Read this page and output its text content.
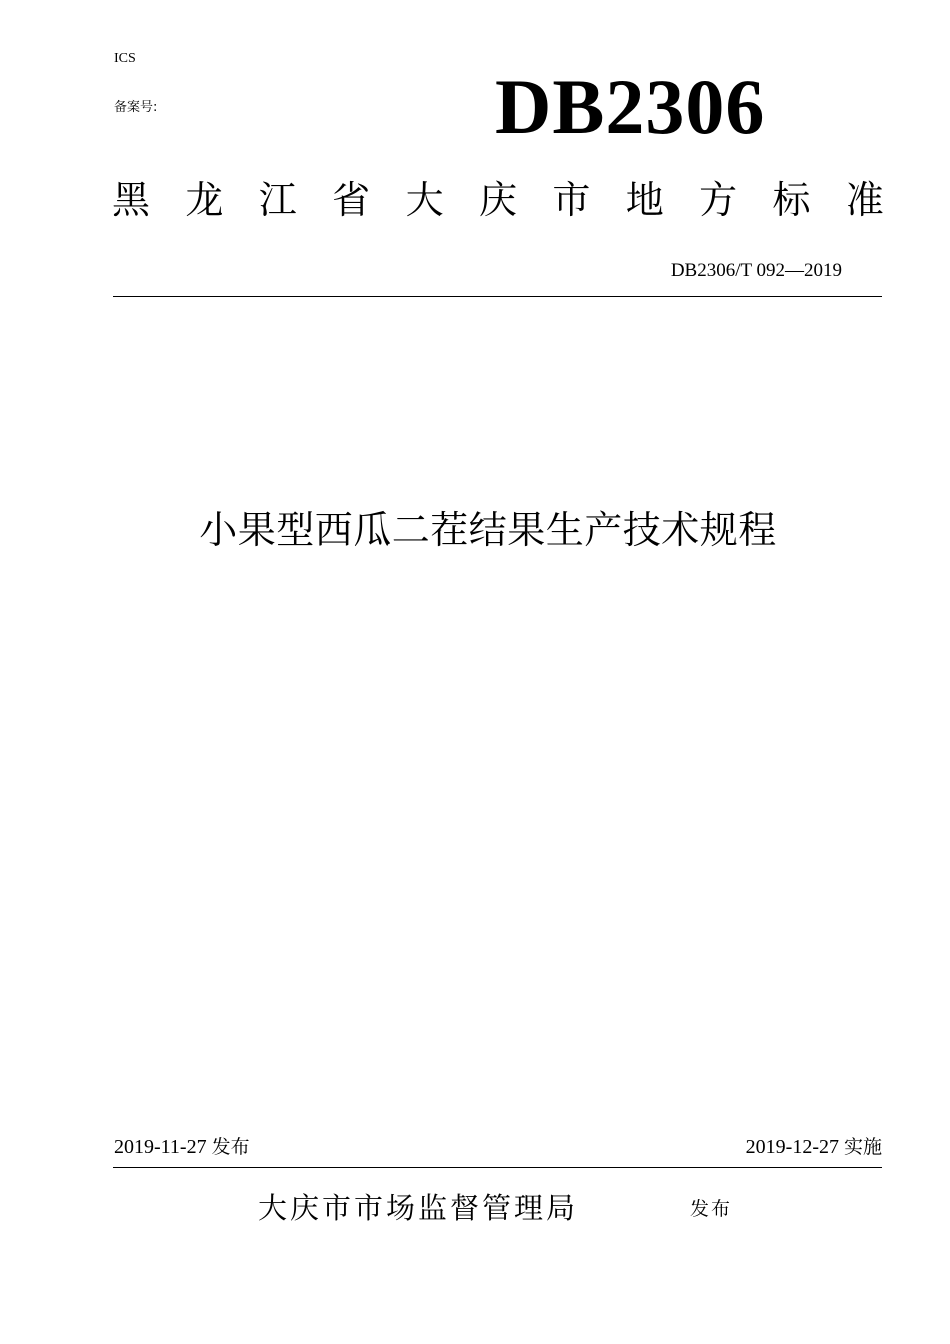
ICS
备案号:	DB2306
黑 龙 江 省 大 庆 市 地 方 标 准
DB2306/T 092—2019
小果型西瓜二茬结果生产技术规程
2019-11-27 发布	2019-12-27 实施
大庆市市场监督管理局	发布
